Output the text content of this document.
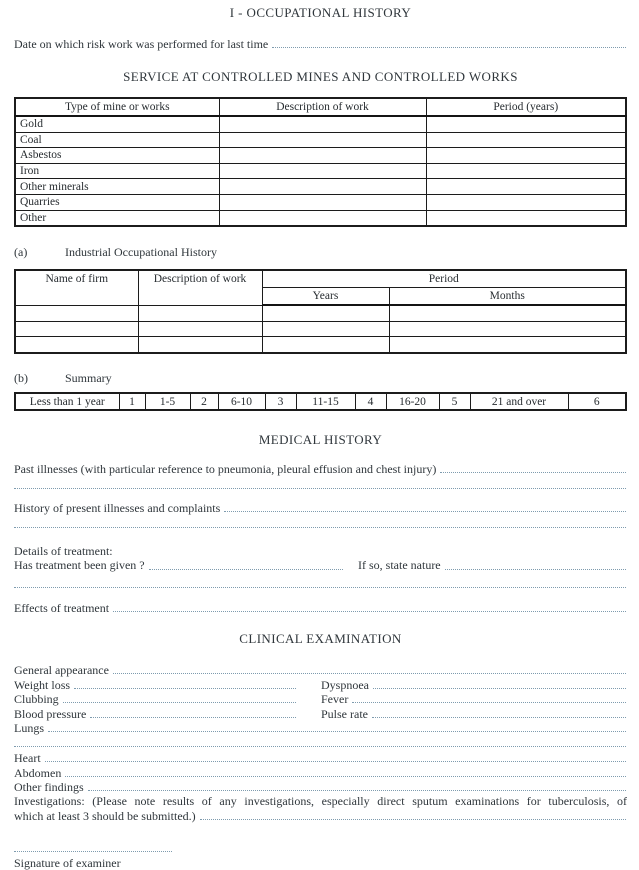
I - OCCUPATIONAL HISTORY
Date on which risk work was performed for last time
SERVICE AT CONTROLLED MINES AND CONTROLLED WORKS
Type of mine or works	Description of work	Period (years)
Gold		
Coal		
Asbestos		
Iron		
Other minerals		
Quarries		
Other		
(a)	Industrial Occupational History
Name of firm	Description of work	Period	
		Years	Months

(b)	Summary
Less than 1 year	1	1-5	2	6-10	3	11-15	4	16-20	5	21 and over	6
MEDICAL HISTORY
Past illnesses (with particular reference to pneumonia, pleural effusion and chest injury)
History of present illnesses and complaints
Details of treatment:
Has treatment been given ?	If so, state nature
Effects of treatment
CLINICAL EXAMINATION
General appearance
Weight loss	Dyspnoea
Clubbing	Fever
Blood pressure	Pulse rate
Lungs
Heart
Abdomen
Other findings

Investigations: (Please note results of any investigations, especially direct sputum examinations for tuberculosis, of

which at least 3 should be submitted.)
Signature of examiner
